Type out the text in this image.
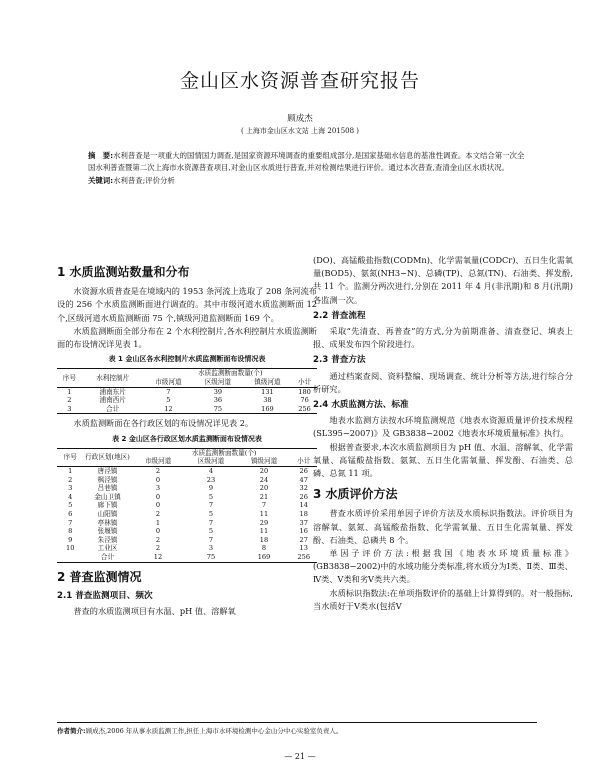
金山区水资源普查研究报告
顾成杰
( 上海市金山区水文站 上海 201508 )
摘　要:水利普查是一项重大的国情国力调查,是国家资源环境调查的重要组成部分,是国家基础水信息的基准性调查。本文结合第一次全国水利普查暨第二次上海市水资源普查项目,对金山区水质进行普查,并对检测结果进行评价。通过本次普查,查清金山区水质状况。
关键词:水利普查;评价分析
1 水质监测站数量和分布

水资源水质普查是在境域内的 1953 条河流上选取了 208 条河流布设的 256 个水质监测断面进行调查的。其中市级河道水质监测断面 12 个,区级河道水质监测断面 75 个,镇级河道监测断面 169 个。

水质监测断面全部分布在 2 个水利控制片,各水利控制片水质监测断面的布设情况详见表 1。

表 1 金山区各水利控制片水质监测断面布设情况表
序号	水利控制片	水质监测断面数量(个)			
		市级河道	区级河道	镇级河道	小计
1	浦南东片	7	39	131	180
2	浦南西片	5	36	38	76
3	合计	12	75	169	256

水质监测断面在各行政区划的布设情况详见表 2。

表 2 金山区各行政区划水质监测断面布设情况表
序号	行政区划(地区)	水质监测断面数量(个)			
		市级河道	区级河道	镇级河道	小计
1	唐泾镇	2	4	20	26
2	枫泾镇	0	23	24	47
3	吕巷镇	3	9	20	32
4	金山卫镇	0	5	21	26
5	廊下镇	0	7	7	14
6	山阳镇	2	5	11	18
7	亭林镇	1	7	29	37
8	张堰镇	0	5	11	16
9	朱泾镇	2	7	18	27
10	工业区	2	3	8	13
	合计	12	75	169	256
2 普查监测情况
2.1 普查监测项目、频次

普查的水质监测项目有水温、pH 值、溶解氧

(DO)、高锰酸盐指数(CODMn)、化学需氧量(CODCr)、五日生化需氧量(BOD5)、氨氮(NH3−N)、总磷(TP)、总氮(TN)、石油类、挥发酚,共 11 个。监测分两次进行,分别在 2011 年 4 月(非汛期)和 8 月(汛期)各监测一次。

2.2 普查流程

采取“先清查、再普查”的方式,分为前期准备、清查登记、填表上报、成果发布四个阶段进行。

2.3 普查方法

通过档案查阅、资料整编、现场调查、统计分析等方法,进行综合分析研究。

2.4 水质监测方法、标准

地表水监测方法按水环境监测规范《地表水资源质量评价技术规程(SL395−2007)》及 GB3838−2002《地表水环境质量标准》执行。

根据普查要求,本次水质监测项目为 pH 值、水温、溶解氧、化学需氧量、高锰酸盐指数、氨氮、五日生化需氧量、挥发酚、石油类、总磷、总氮 11 项。

3 水质评价方法

普查水质评价采用单因子评价方法及水质标识指数法。评价项目为溶解氧、氨氮、高锰酸盐指数、化学需氧量、五日生化需氧量、挥发酚、石油类、总磷共 8 个。

单因子评价方法:根据我国《地表水环境质量标准》(GB3838−2002)中的水域功能分类标准,将水质分为Ⅰ类、Ⅱ类、Ⅲ类、Ⅳ类、Ⅴ类和劣Ⅴ类共六类。

水质标识指数法:在单项指数评价的基础上计算得到的。对一般指标,当水质好于Ⅴ类水(包括Ⅴ

作者简介:顾成杰,2006 年从事水质监测工作,担任上海市水环境检测中心金山分中心实验室负责人。
— 21 —
